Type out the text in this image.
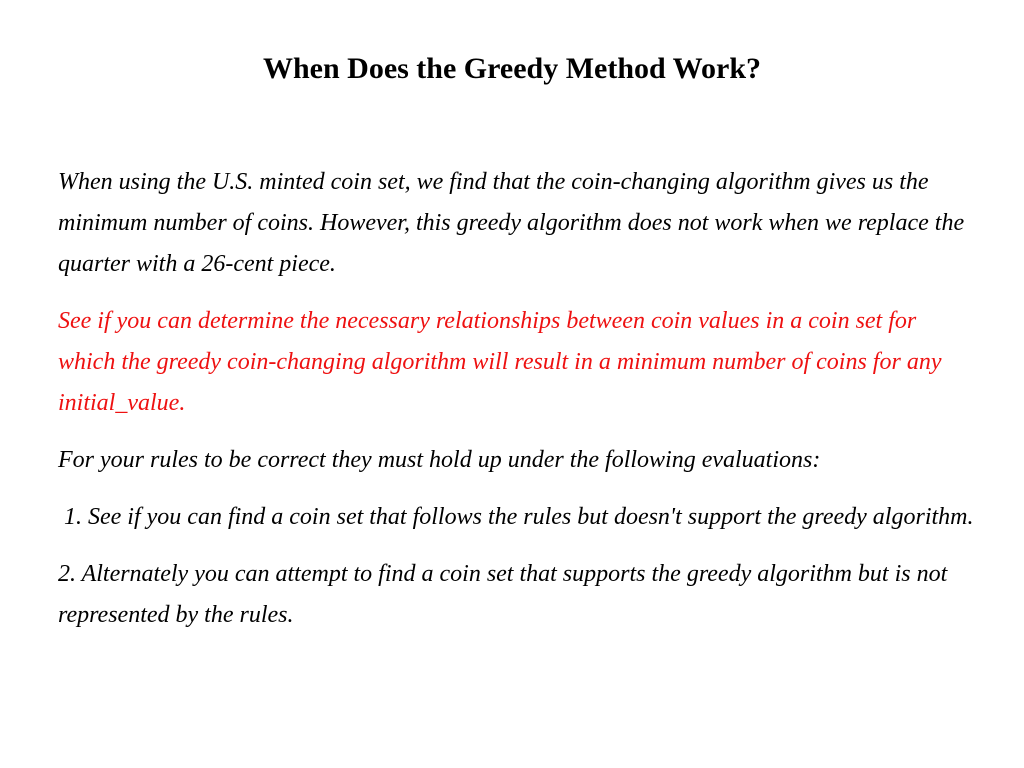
When Does the Greedy Method Work?

When using the U.S. minted coin set, we find that the coin-changing algorithm gives us the minimum number of coins. However, this greedy algorithm does not work when we replace the quarter with a 26-cent piece.

See if you can determine the necessary relationships between coin values in a coin set for which the greedy coin-changing algorithm will result in a minimum number of coins for any initial_value.

For your rules to be correct they must hold up under the following evaluations:

1. See if you can find a coin set that follows the rules but doesn't support the greedy algorithm.

2. Alternately you can attempt to find a coin set that supports the greedy algorithm but is not represented by the rules.
